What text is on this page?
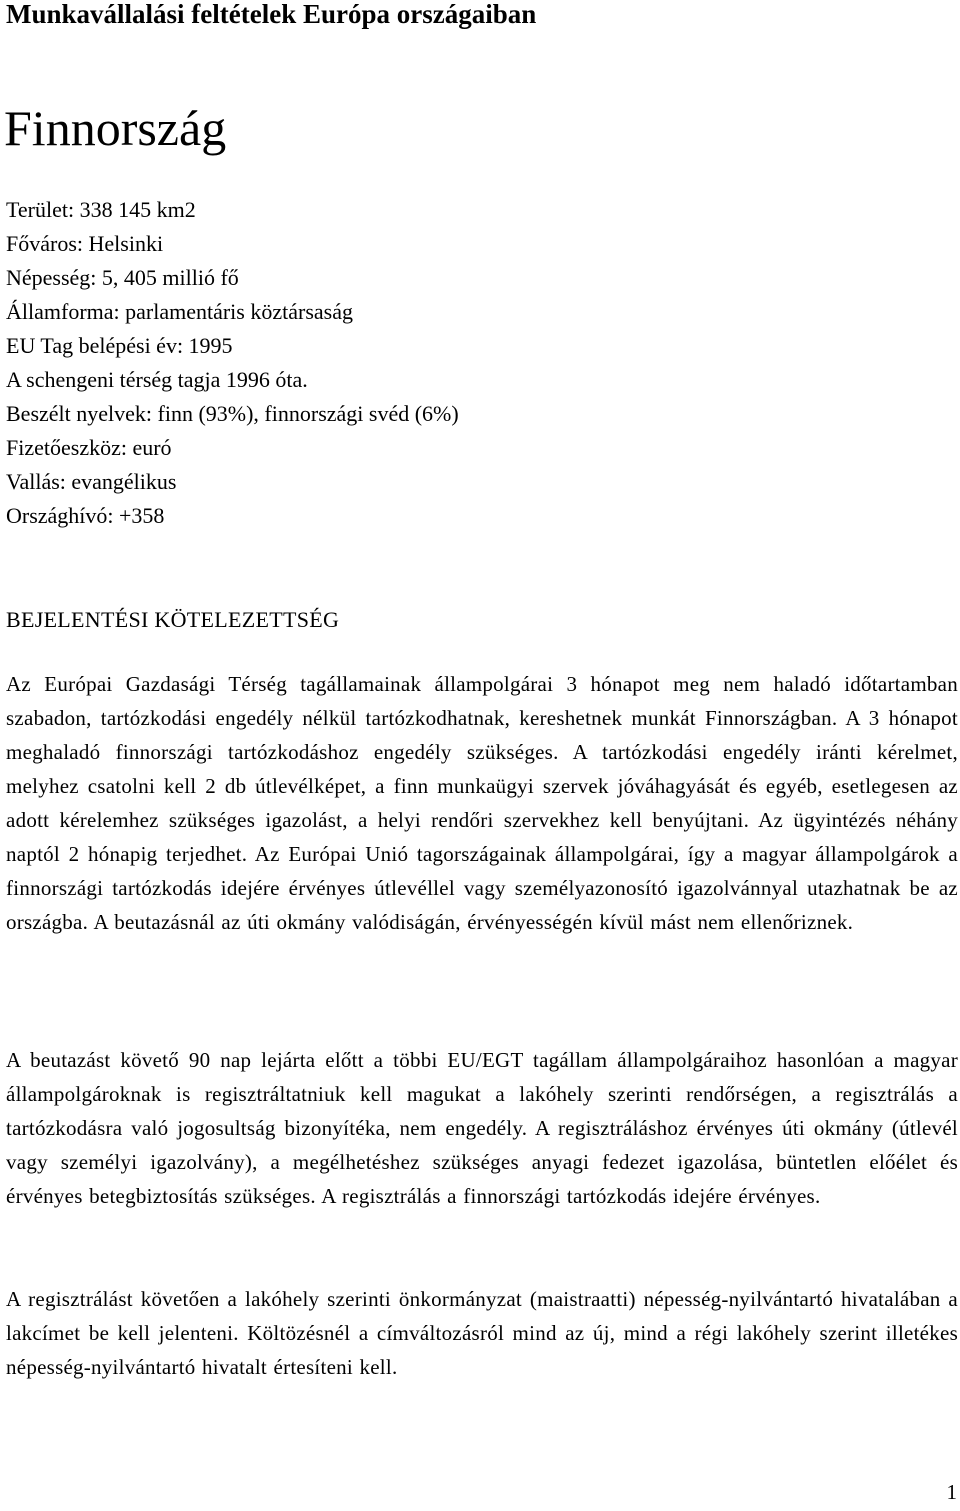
Munkavállalási feltételek Európa országaiban
Finnország
Terület: 338 145 km2
Főváros: Helsinki
Népesség: 5, 405 millió fő
Államforma: parlamentáris köztársaság
EU Tag belépési év: 1995
A schengeni térség tagja 1996 óta.
Beszélt nyelvek: finn (93%), finnországi svéd (6%)
Fizetőeszköz: euró
Vallás: evangélikus
Országhívó: +358
BEJELENTÉSI KÖTELEZETTSÉG

Az Európai Gazdasági Térség tagállamainak állampolgárai 3 hónapot meg nem haladó időtartamban szabadon, tartózkodási engedély nélkül tartózkodhatnak, kereshetnek munkát Finnországban. A 3 hónapot meghaladó finnországi tartózkodáshoz engedély szükséges. A tartózkodási engedély iránti kérelmet, melyhez csatolni kell 2 db útlevélképet, a finn munkaügyi szervek jóváhagyását és egyéb, esetlegesen az adott kérelemhez szükséges igazolást, a helyi rendőri szervekhez kell benyújtani. Az ügyintézés néhány naptól 2 hónapig terjedhet. Az Európai Unió tagországainak állampolgárai, így a magyar állampolgárok a finnországi tartózkodás idejére érvényes útlevéllel vagy személyazonosító igazolvánnyal utazhatnak be az országba. A beutazásnál az úti okmány valódiságán, érvényességén kívül mást nem ellenőriznek.

A beutazást követő 90 nap lejárta előtt a többi EU/EGT tagállam állampolgáraihoz hasonlóan a magyar állampolgároknak is regisztráltatniuk kell magukat a lakóhely szerinti rendőrségen, a regisztrálás a tartózkodásra való jogosultság bizonyítéka, nem engedély. A regisztráláshoz érvényes úti okmány (útlevél vagy személyi igazolvány), a megélhetéshez szükséges anyagi fedezet igazolása, büntetlen előélet és érvényes betegbiztosítás szükséges. A regisztrálás a finnországi tartózkodás idejére érvényes.

A regisztrálást követően a lakóhely szerinti önkormányzat (maistraatti) népesség-nyilvántartó hivatalában a lakcímet be kell jelenteni. Költözésnél a címváltozásról mind az új, mind a régi lakóhely szerint illetékes népesség-nyilvántartó hivatalt értesíteni kell.

1
